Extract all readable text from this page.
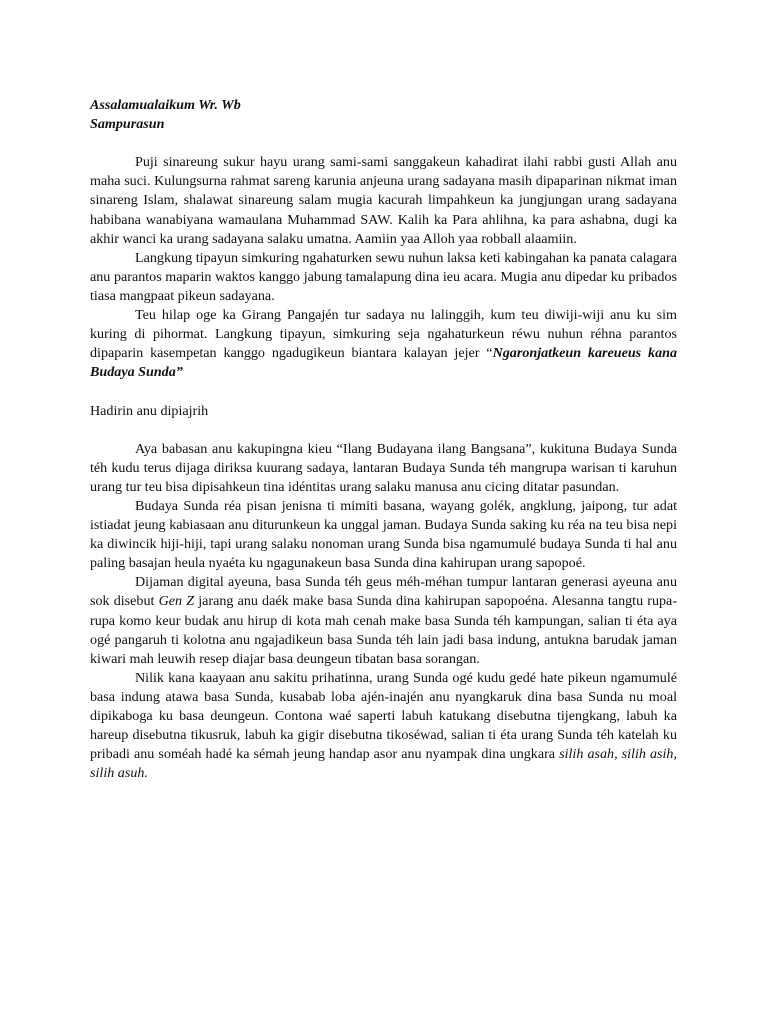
Assalamualaikum Wr. Wb

Sampurasun

Puji sinareung sukur hayu urang sami-sami sanggakeun kahadirat ilahi rabbi gusti Allah anu maha suci. Kulungsurna rahmat sareng karunia anjeuna urang sadayana masih dipaparinan nikmat iman sinareng Islam, shalawat sinareung salam mugia kacurah limpahkeun ka jungjungan urang sadayana habibana wanabiyana wamaulana Muhammad SAW. Kalih ka Para ahlihna, ka para ashabna, dugi ka akhir wanci ka urang sadayana salaku umatna. Aamiin yaa Alloh yaa robball alaamiin.

Langkung tipayun simkuring ngahaturken sewu nuhun laksa keti kabingahan ka panata calagara anu parantos maparin waktos kanggo jabung tamalapung dina ieu acara. Mugia anu dipedar ku pribados tiasa mangpaat pikeun sadayana.

Teu hilap oge ka Girang Pangajén tur sadaya nu lalinggih, kum teu diwiji-wiji anu ku sim kuring di pihormat. Langkung tipayun, simkuring seja ngahaturkeun réwu nuhun réhna parantos dipaparin kasempetan kanggo ngadugikeun biantara kalayan jejer “Ngaronjatkeun kareueus kana Budaya Sunda”

Hadirin anu dipiajrih

Aya babasan anu kakupingna kieu “Ilang Budayana ilang Bangsana”, kukituna Budaya Sunda téh kudu terus dijaga diriksa kuurang sadaya, lantaran Budaya Sunda téh mangrupa warisan ti karuhun urang tur teu bisa dipisahkeun tina idéntitas urang salaku manusa anu cicing ditatar pasundan.

Budaya Sunda réa pisan jenisna ti mimiti basana, wayang golék, angklung, jaipong, tur adat istiadat jeung kabiasaan anu diturunkeun ka unggal jaman. Budaya Sunda saking ku réa na teu bisa nepi ka diwincik hiji-hiji, tapi urang salaku nonoman urang Sunda bisa ngamumulé budaya Sunda ti hal anu paling basajan heula nyaéta ku ngagunakeun basa Sunda dina kahirupan urang sapopoé.

Dijaman digital ayeuna, basa Sunda téh geus méh-méhan tumpur lantaran generasi ayeuna anu sok disebut Gen Z jarang anu daék make basa Sunda dina kahirupan sapopoéna. Alesanna tangtu rupa-rupa komo keur budak anu hirup di kota mah cenah make basa Sunda téh kampungan, salian ti éta aya ogé pangaruh ti kolotna anu ngajadikeun basa Sunda téh lain jadi basa indung, antukna barudak jaman kiwari mah leuwih resep diajar basa deungeun tibatan basa sorangan.

Nilik kana kaayaan anu sakitu prihatinna, urang Sunda ogé kudu gedé hate pikeun ngamumulé basa indung atawa basa Sunda, kusabab loba ajén-inajén anu nyangkaruk dina basa Sunda nu moal dipikaboga ku basa deungeun. Contona waé saperti labuh katukang disebutna tijengkang, labuh ka hareup disebutna tikusruk, labuh ka gigir disebutna tikoséwad, salian ti éta urang Sunda téh katelah ku pribadi anu soméah hadé ka sémah jeung handap asor anu nyampak dina ungkara silih asah, silih asih, silih asuh.
